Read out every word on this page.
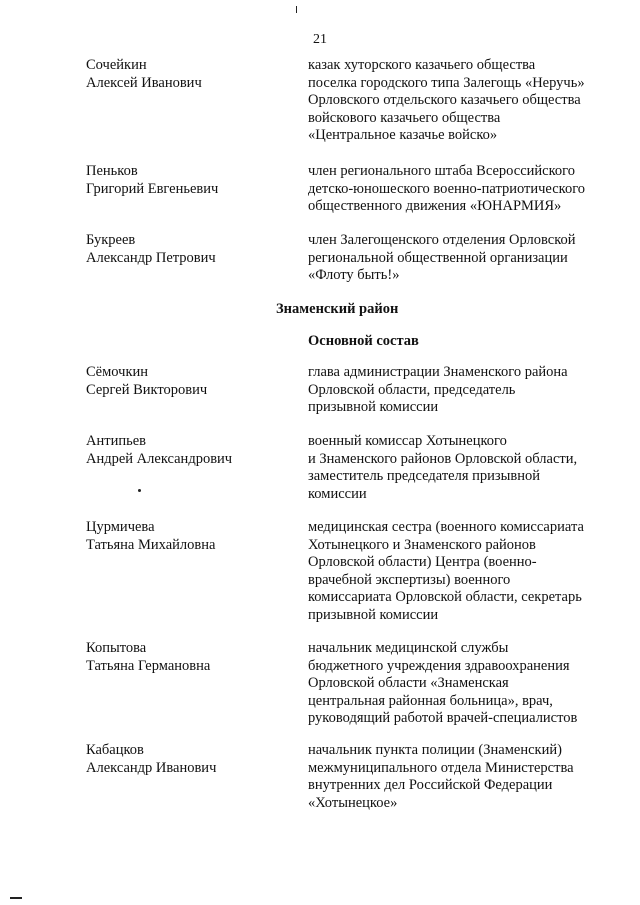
21
Сочейкин
Алексей Иванович
казак хуторского казачьего общества
поселка городского типа Залегощь «Неручь»
Орловского отдельского казачьего общества
войскового казачьего общества
«Центральное казачье войско»
Пеньков
Григорий Евгеньевич
член регионального штаба Всероссийского
детско-юношеского военно-патриотического
общественного движения «ЮНАРМИЯ»
Букреев
Александр Петрович
член Залегощенского отделения Орловской
региональной общественной организации
«Флоту быть!»
Знаменский район
Основной состав
Сёмочкин
Сергей Викторович
глава администрации Знаменского района
Орловской области, председатель
призывной комиссии
Антипьев
Андрей Александрович
военный комиссар Хотынецкого
и Знаменского районов Орловской области,
заместитель председателя призывной
комиссии
Цурмичева
Татьяна Михайловна
медицинская сестра (военного комиссариата
Хотынецкого и Знаменского районов
Орловской области) Центра (военно-
врачебной экспертизы) военного
комиссариата Орловской области, секретарь
призывной комиссии
Копытова
Татьяна Германовна
начальник медицинской службы
бюджетного учреждения здравоохранения
Орловской области «Знаменская
центральная районная больница», врач,
руководящий работой врачей-специалистов
Кабацков
Александр Иванович
начальник пункта полиции (Знаменский)
межмуниципального отдела Министерства
внутренних дел Российской Федерации
«Хотынецкое»
